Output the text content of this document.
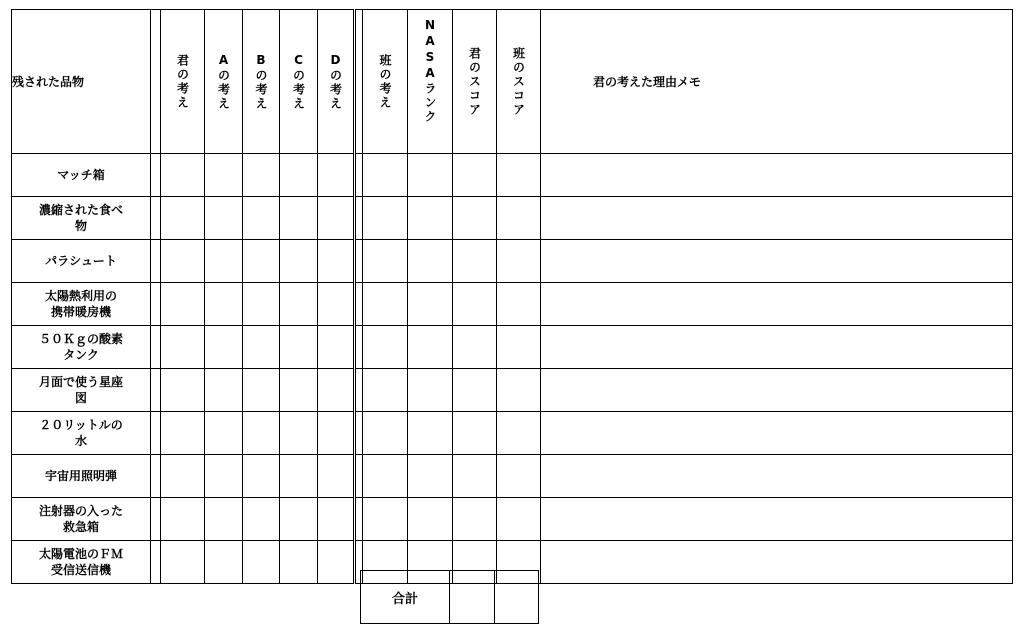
残された品物		君の考え	Aの考え	Bの考え	Cの考え	Dの考え		班の考え	NASAランク	君のスコア	班のスコア	君の考えた理由メモ

マッチ箱												

濃縮された食べ
物												

パラシュート												

太陽熱利用の
携帯暖房機												

５０Ｋｇの酸素
タンク												

月面で使う星座
図												

２０リットルの
水												

宇宙用照明弾												

注射器の入った
救急箱												

太陽電池のＦＭ
受信送信機												

合計		
